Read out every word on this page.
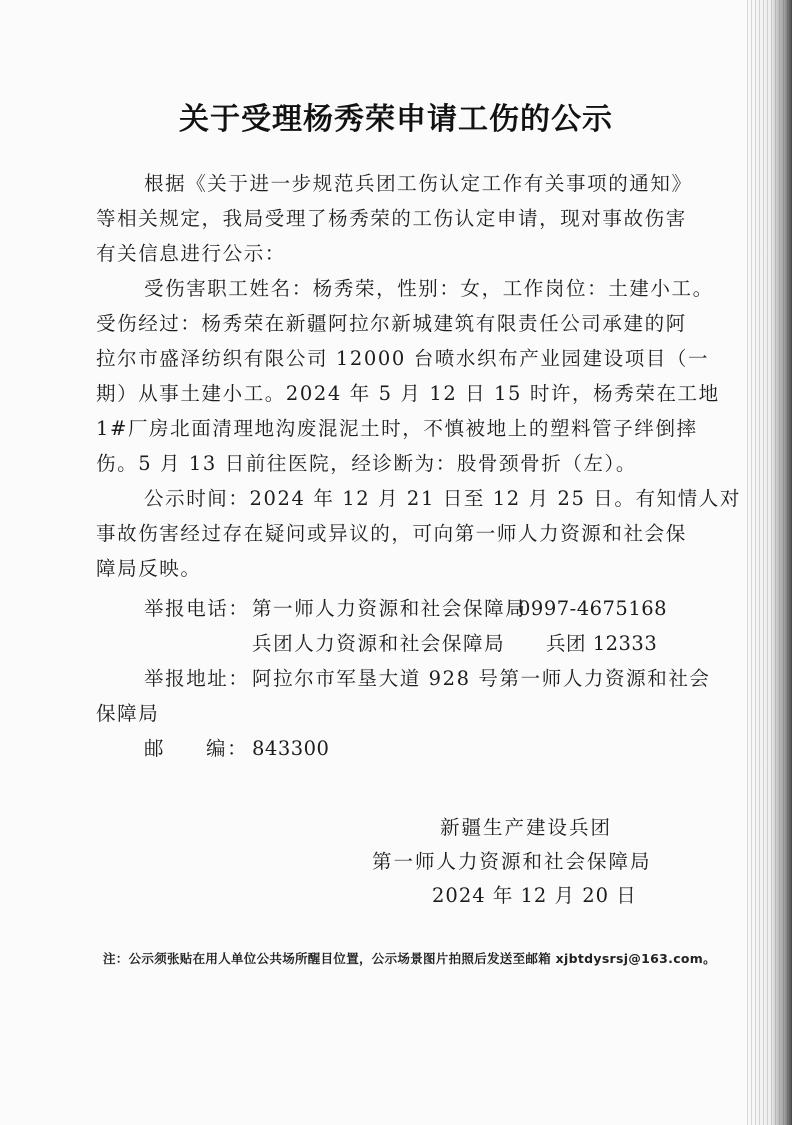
关于受理杨秀荣申请工伤的公示
根据《关于进一步规范兵团工伤认定工作有关事项的通知》
等相关规定，我局受理了杨秀荣的工伤认定申请，现对事故伤害
有关信息进行公示：
受伤害职工姓名：杨秀荣，性别：女，工作岗位：土建小工。
受伤经过：杨秀荣在新疆阿拉尔新城建筑有限责任公司承建的阿
拉尔市盛泽纺织有限公司 12000 台喷水织布产业园建设项目（一
期）从事土建小工。2024 年 5 月 12 日 15 时许，杨秀荣在工地
1#厂房北面清理地沟废混泥土时，不慎被地上的塑料管子绊倒摔
伤。5 月 13 日前往医院，经诊断为：股骨颈骨折（左）。
公示时间：2024 年 12 月 21 日至 12 月 25 日。有知情人对
事故伤害经过存在疑问或异议的，可向第一师人力资源和社会保
障局反映。
举报电话： 第一师人力资源和社会保障局
0997-4675168
兵团人力资源和社会保障局 兵团 12333
举报地址： 阿拉尔市军垦大道 928 号第一师人力资源和社会
保障局
邮 编： 843300
新疆生产建设兵团
第一师人力资源和社会保障局
2024 年 12 月 20 日
注：公示须张贴在用人单位公共场所醒目位置，公示场景图片拍照后发送至邮箱 xjbtdysrsj@163.com。
